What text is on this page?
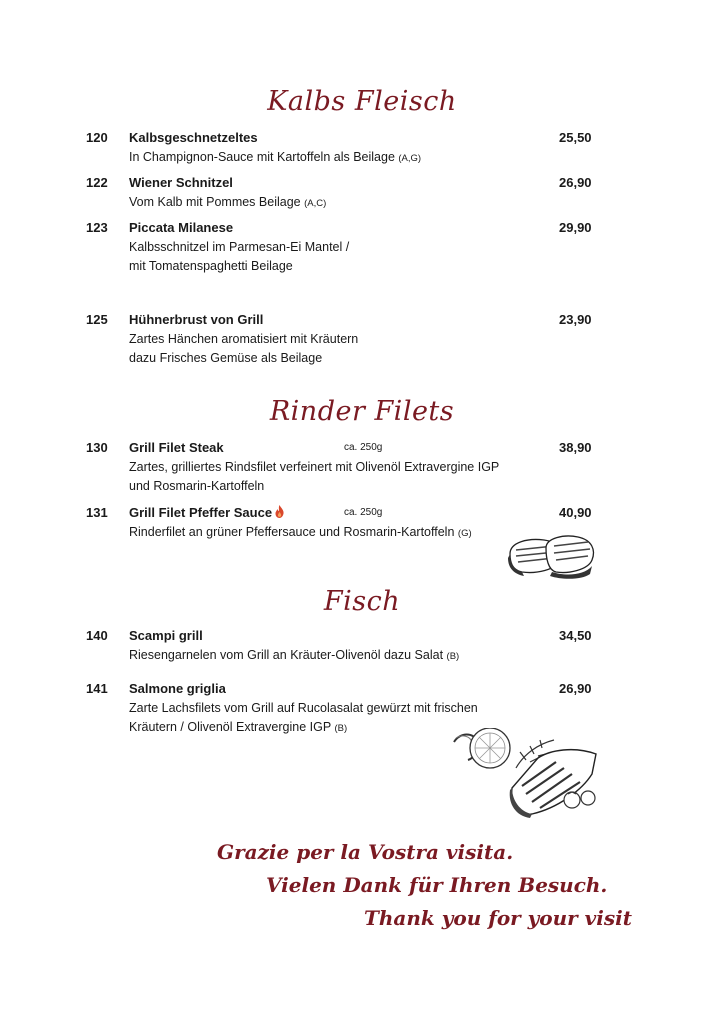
Kalbs Fleisch
120 Kalbsgeschnetzeltes	25,50
In Champignon-Sauce mit Kartoffeln als Beilage (A,G)
122 Wiener Schnitzel	26,90
Vom Kalb mit Pommes Beilage (A,C)
123 Piccata Milanese	29,90
Kalbsschnitzel im Parmesan-Ei Mantel /
mit Tomatenspaghetti Beilage
125 Hühnerbrust von Grill	23,90
Zartes Hänchen aromatisiert mit Kräutern
dazu Frisches Gemüse als Beilage
Rinder Filets
130 Grill Filet Steak	ca. 250g	38,90
Zartes, grilliertes Rindsfilet verfeinert mit Olivenöl Extravergine IGP
und Rosmarin-Kartoffeln
131 Grill Filet Pfeffer Sauce	ca. 250g	40,90
Rinderfilet an grüner Pfeffersauce und Rosmarin-Kartoffeln (G)
Fisch
140 Scampi grill	34,50
Riesengarnelen vom Grill an Kräuter-Olivenöl dazu Salat (B)
141 Salmone griglia	26,90
Zarte Lachsfilets vom Grill auf Rucolasalat gewürzt mit frischen
Kräutern / Olivenöl Extravergine IGP (B)
Grazie per la Vostra visita.
Vielen Dank für Ihren Besuch.
Thank you for your visit
